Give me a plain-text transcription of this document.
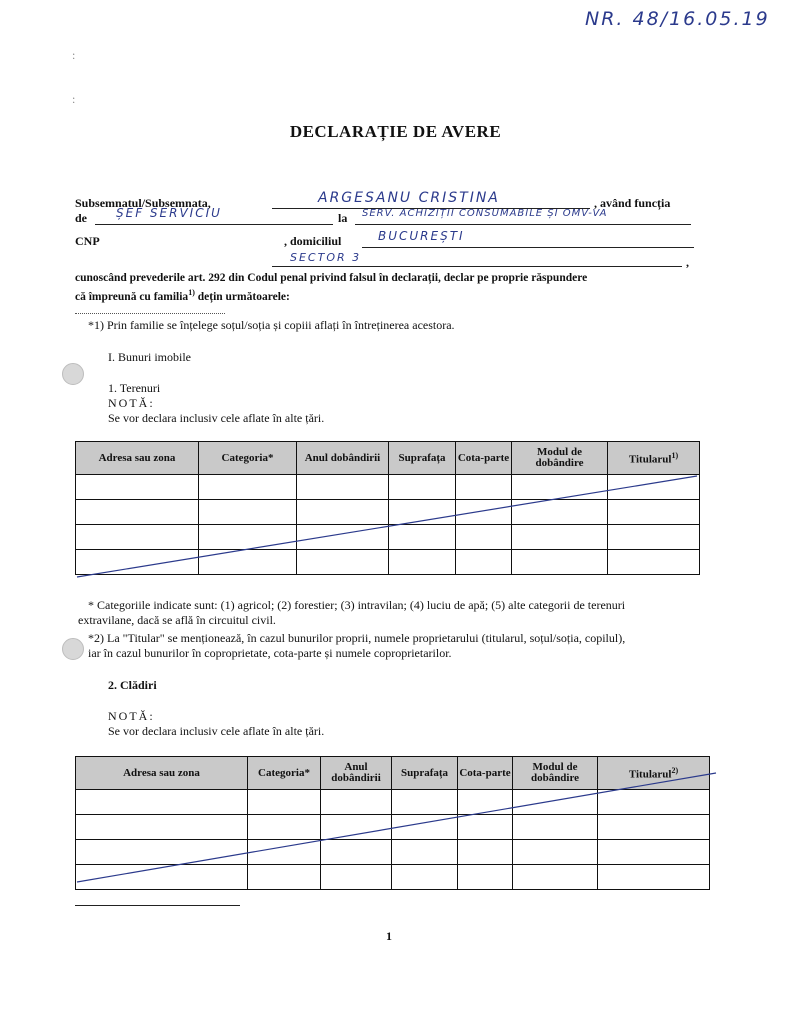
NR. 48/16.05.19
:
:
DECLARAȚIE DE AVERE
Subsemnatul/Subsemnata,	ARGESANU CRISTINA	, având funcția
de ȘEF SERVICIU	la SERV. ACHIZIȚII CONSUMABILE ȘI OMV-VA
CNP	, domiciliul	BUCUREȘTI
SECTOR 3	,
cunoscând prevederile art. 292 din Codul penal privind falsul în declarații, declar pe proprie răspundere
că împreună cu familia$^{1)}$ dețin următoarele:
*1) Prin familie se înțelege soțul/soția și copiii aflați în întreținerea acestora.
I. Bunuri imobile
1. Terenuri
NOTĂ:
Se vor declara inclusiv cele aflate în alte țări.
Adresa sau zona	Categoria*	Anul dobândirii	Suprafața	Cota-parte	Modul de dobândire	Titularul$^{1)}$

* Categoriile indicate sunt: (1) agricol; (2) forestier; (3) intravilan; (4) luciu de apă; (5) alte categorii de terenuri
extravilane, dacă se află în circuitul civil.
*2) La "Titular" se menționează, în cazul bunurilor proprii, numele proprietarului (titularul, soțul/soția, copilul),
iar în cazul bunurilor în coproprietate, cota-parte și numele coproprietarilor.
2. Clădiri
NOTĂ:
Se vor declara inclusiv cele aflate în alte țări.
Adresa sau zona	Categoria*	Anul dobândirii	Suprafața	Cota-parte	Modul de dobândire	Titularul$^{2)}$

1
